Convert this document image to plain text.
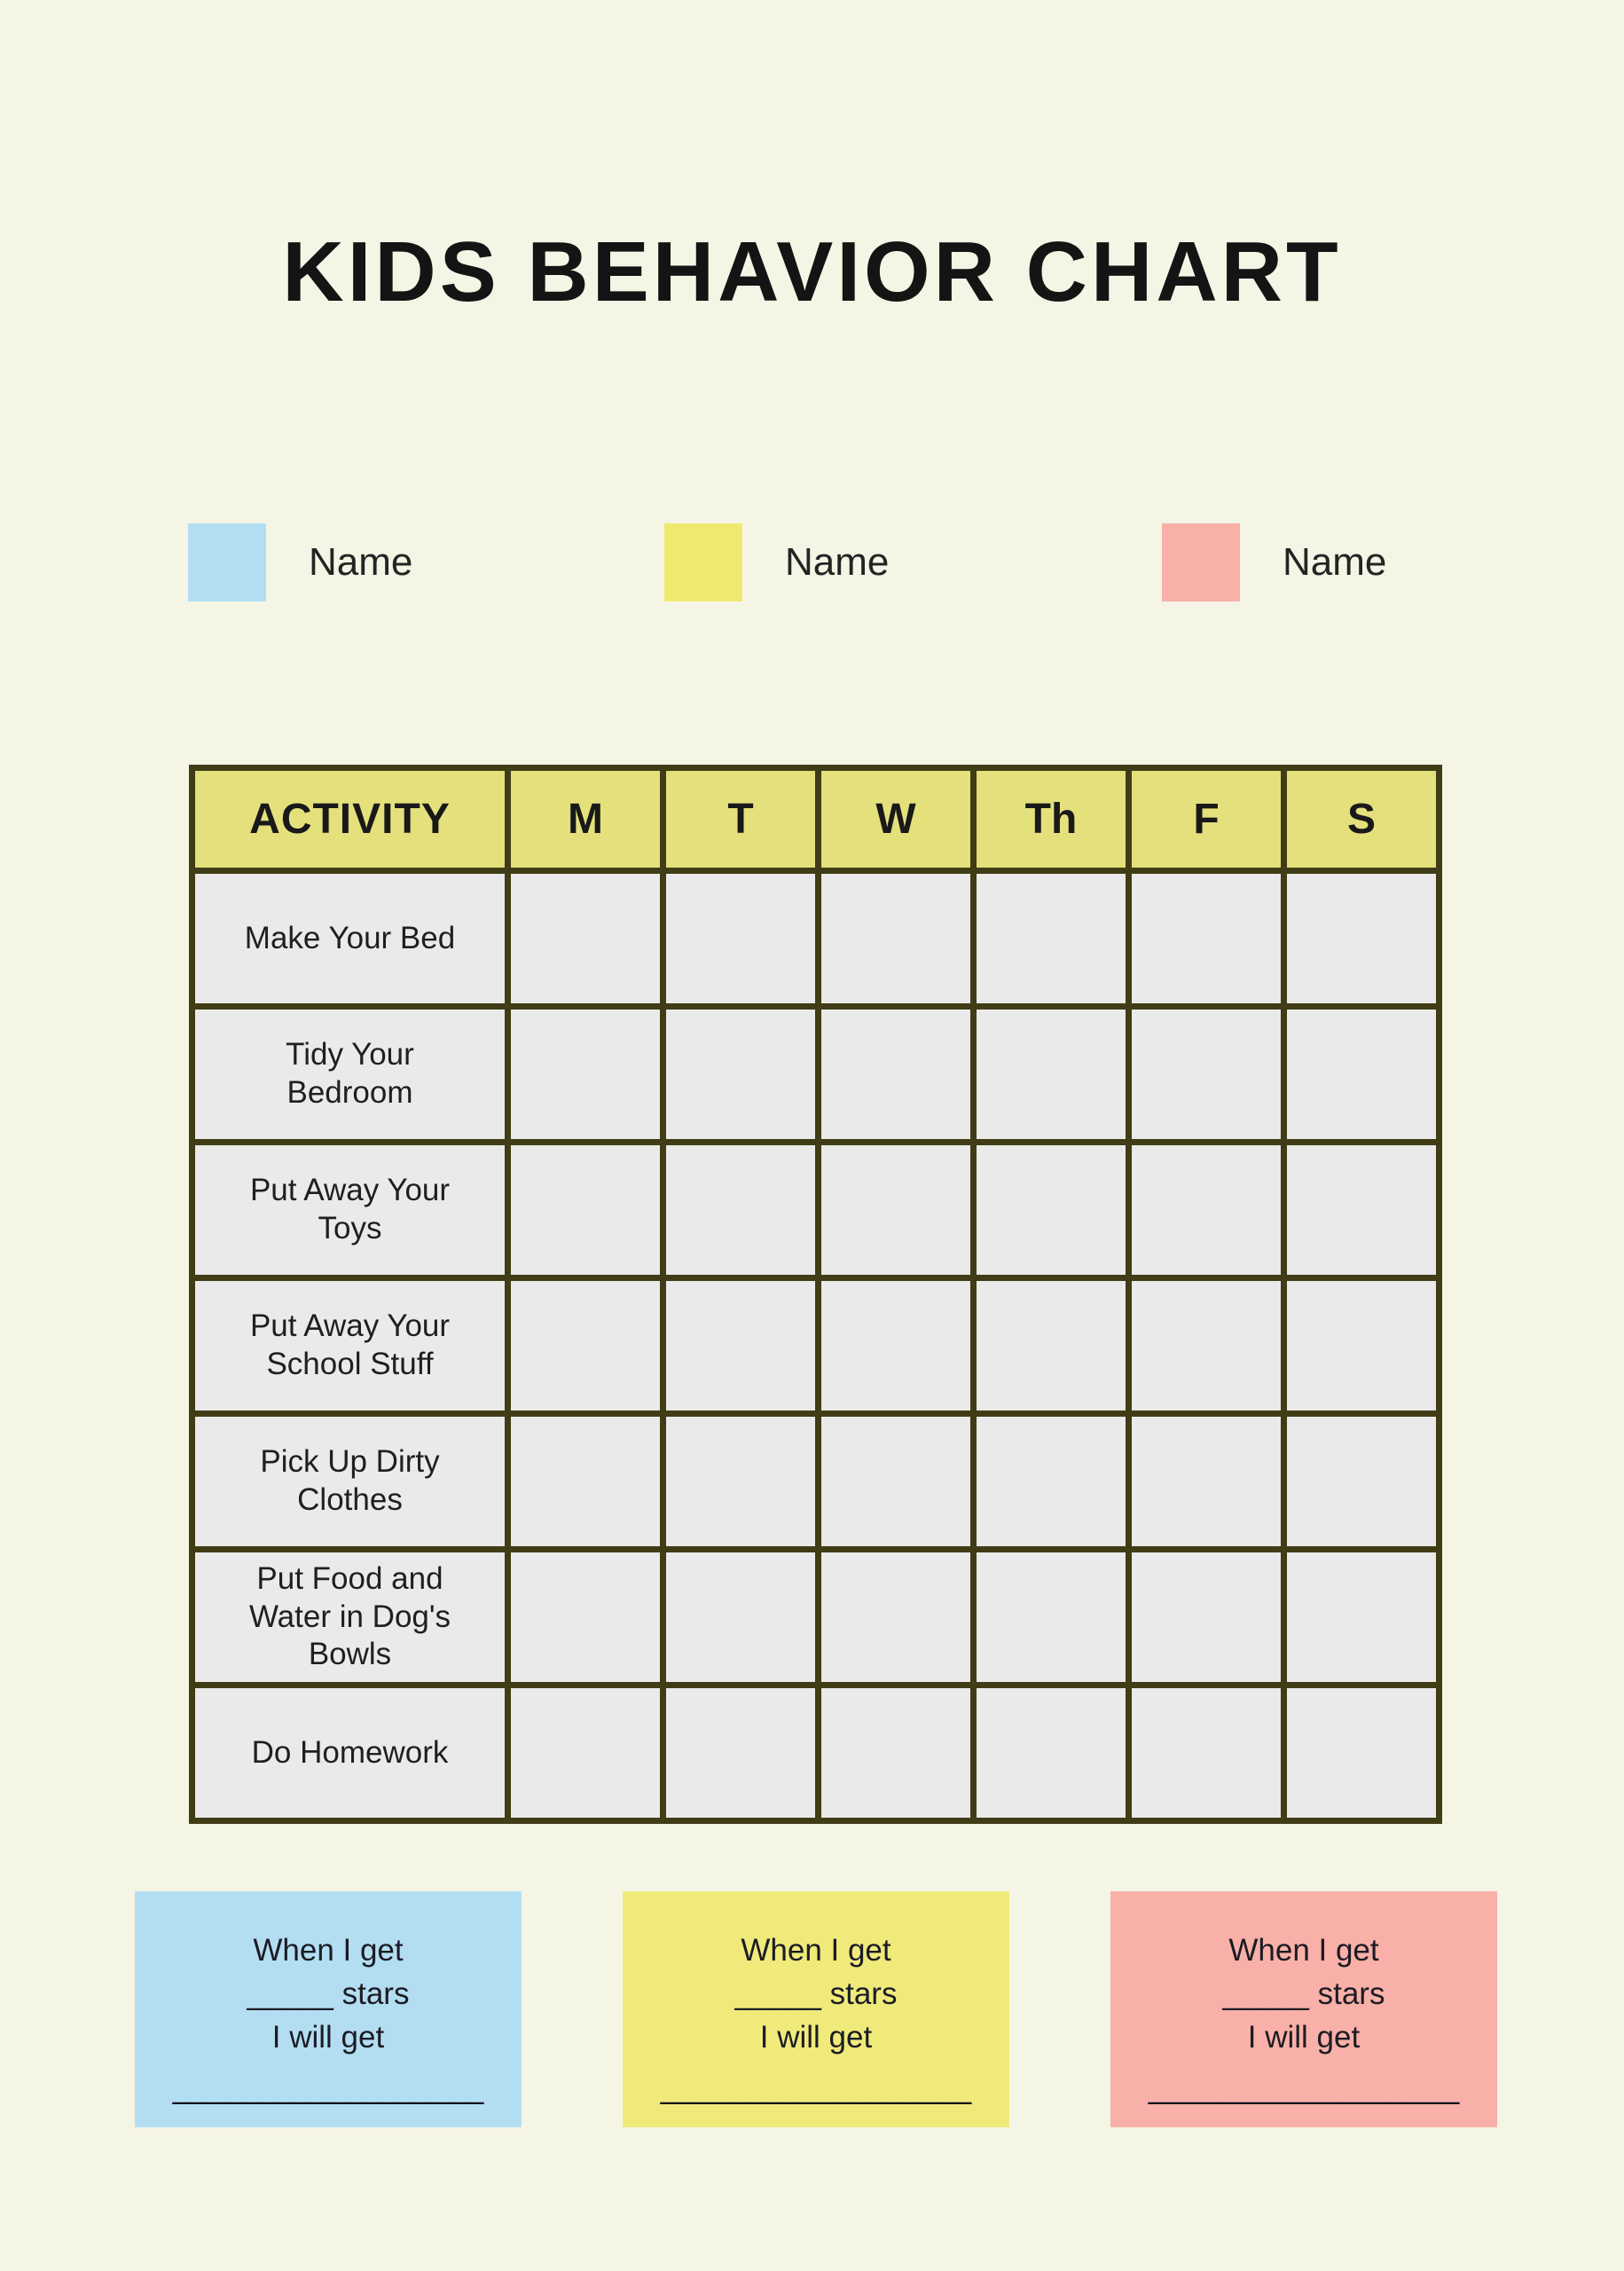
KIDS BEHAVIOR CHART
Name	Name	Name
ACTIVITY	M	T	W	Th	F	S
Make Your Bed						
Tidy Your Bedroom						
Put Away Your Toys						
Put Away Your School Stuff						
Pick Up Dirty Clothes						
Put Food and Water in Dog's Bowls						
Do Homework						
When I get
_____ stars
I will get
__________________
When I get
_____ stars
I will get
__________________
When I get
_____ stars
I will get
__________________
